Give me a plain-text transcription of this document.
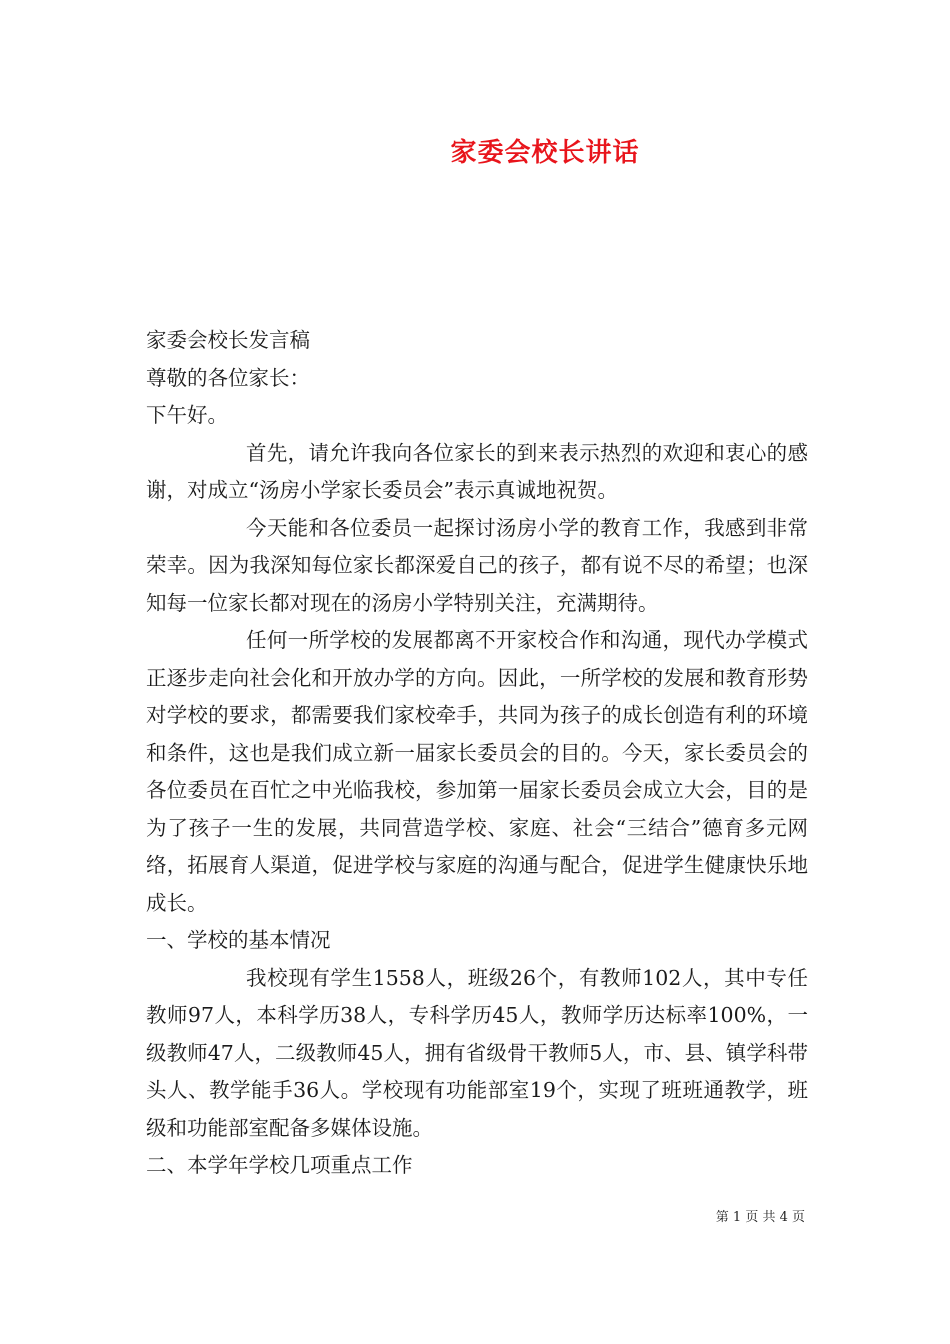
家委会校长讲话

家委会校长发言稿

尊敬的各位家长：

下午好。

首先，请允许我向各位家长的到来表示热烈的欢迎和衷心的感谢，对成立“汤房小学家长委员会”表示真诚地祝贺。

今天能和各位委员一起探讨汤房小学的教育工作，我感到非常荣幸。因为我深知每位家长都深爱自己的孩子，都有说不尽的希望；也深知每一位家长都对现在的汤房小学特别关注，充满期待。

任何一所学校的发展都离不开家校合作和沟通，现代办学模式正逐步走向社会化和开放办学的方向。因此，一所学校的发展和教育形势对学校的要求，都需要我们家校牵手，共同为孩子的成长创造有利的环境和条件，这也是我们成立新一届家长委员会的目的。今天，家长委员会的各位委员在百忙之中光临我校，参加第一届家长委员会成立大会，目的是为了孩子一生的发展，共同营造学校、家庭、社会“三结合”德育多元网络，拓展育人渠道，促进学校与家庭的沟通与配合，促进学生健康快乐地成长。

一、学校的基本情况

我校现有学生1558人，班级26个，有教师102人，其中专任教师97人，本科学历38人，专科学历45人，教师学历达标率100%，一级教师47人，二级教师45人，拥有省级骨干教师5人，市、县、镇学科带头人、教学能手36人。学校现有功能部室19个，实现了班班通教学，班级和功能部室配备多媒体设施。

二、本学年学校几项重点工作

第 1 页 共 4 页
